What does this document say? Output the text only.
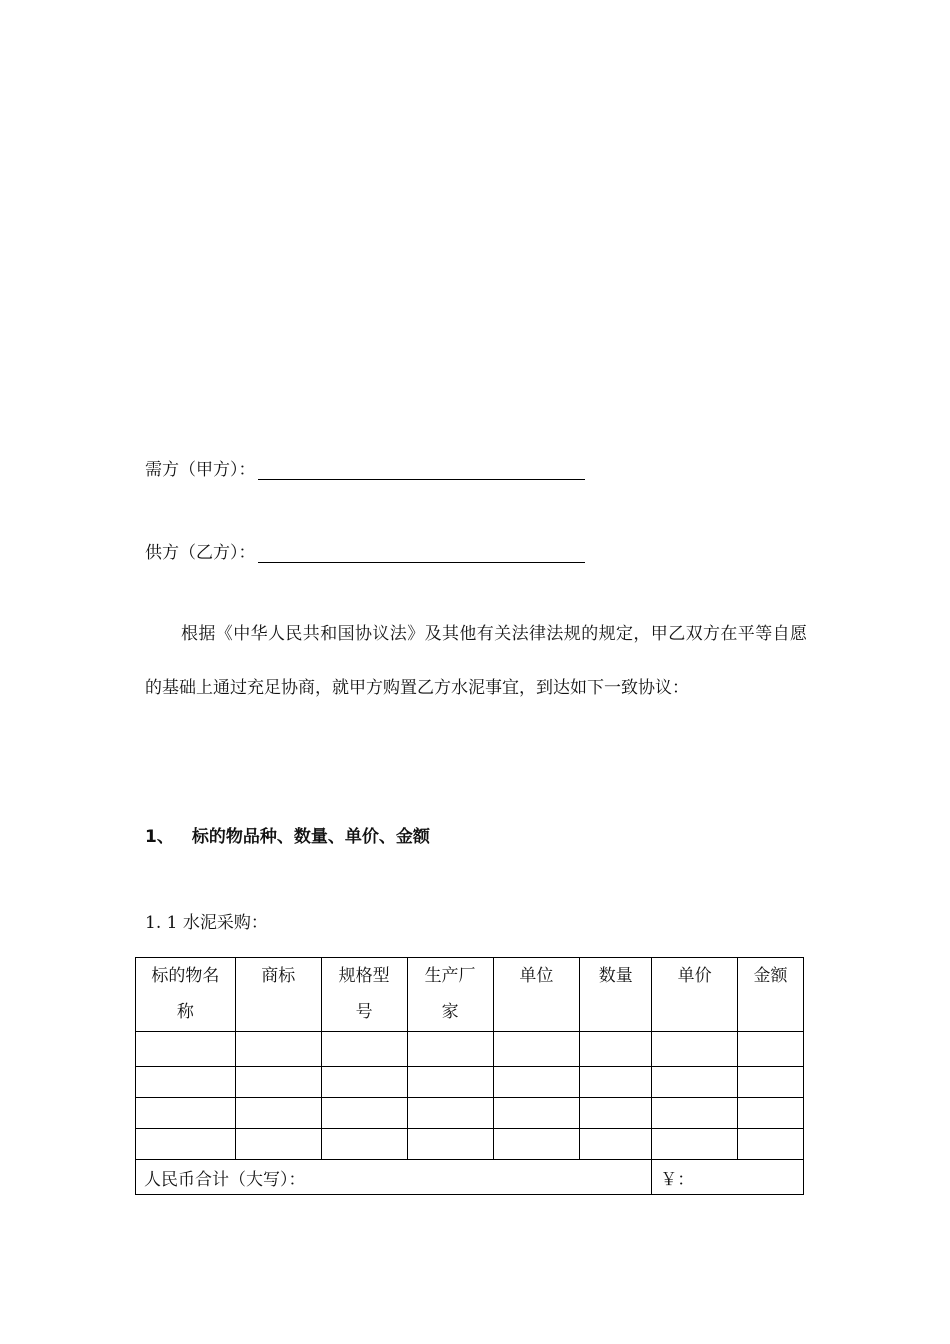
需方（甲方）：
供方（乙方）：

根据《中华人民共和国协议法》及其他有关法律法规的规定，甲乙双方在平等自愿的基础上通过充足协商，就甲方购置乙方水泥事宜，到达如下一致协议：

1、 标的物品种、数量、单价、金额
1. 1 水泥采购：
标的物名称	商标	规格型号	生产厂家	单位	数量	单价	金额

人民币合计（大写）：						￥：	
